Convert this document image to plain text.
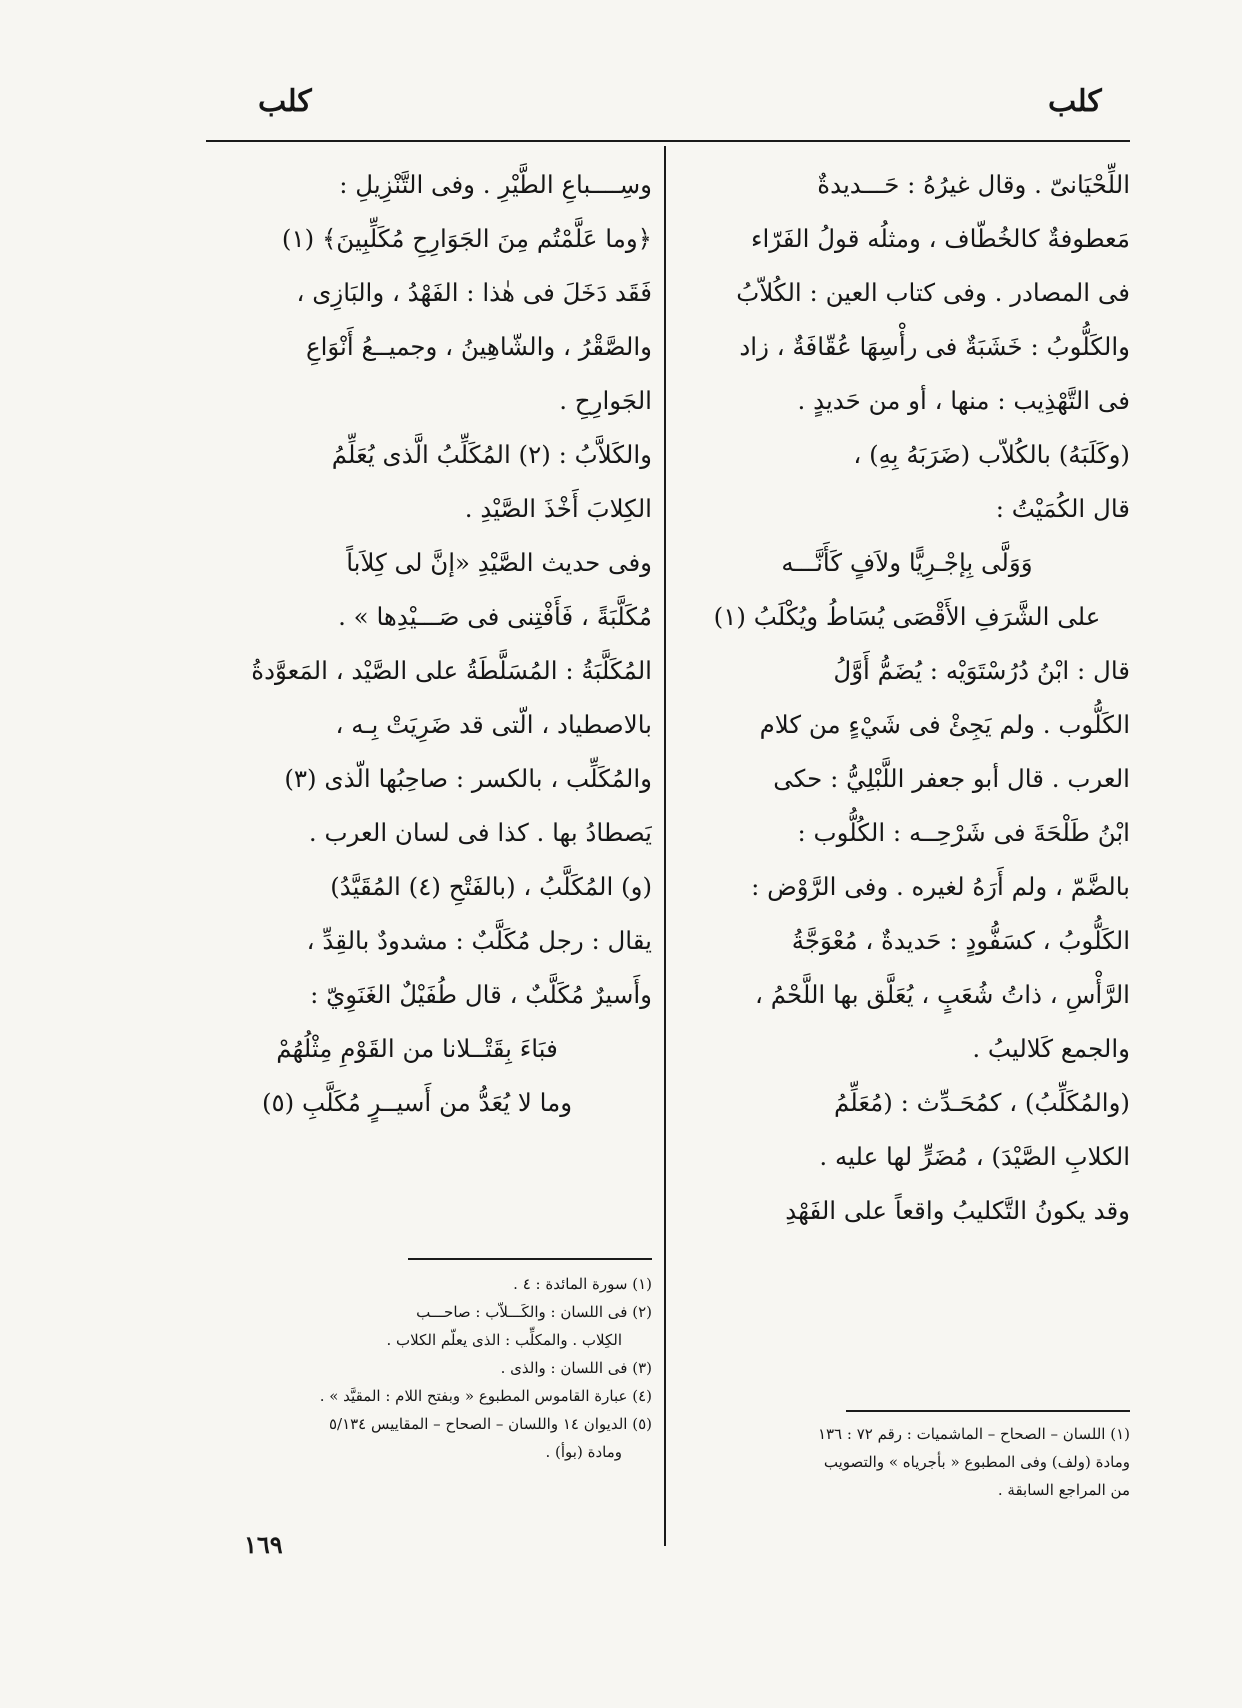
كلب
كلب
اللِّحْيَانىّ . وقال غيرُهُ : حَـــديدةٌ
مَعطوفةٌ كالخُطّاف ، ومثلُه قولُ الفَرّاء
فى المصادر . وفى كتاب العين : الكُلاّبُ
والكَلُّوبُ : خَشَبَةٌ فى رأْسِهَا عُقّافَةٌ ، زاد
فى التَّهْذِيب : منها ، أو من حَديدٍ .
(وكَلَبَهُ) بالكُلاّب (ضَرَبَهُ بِهِ) ،
قال الكُمَيْتُ :
وَوَلَّى بِإجْـرِيًّا ولاَفٍ كَأَنَّـــه
على الشَّرَفِ الأَقْصَى يُسَاطُ ويُكْلَبُ (١)
قال : ابْنُ دُرُسْتَوَيْه : يُضَمُّ أَوَّلُ
الكَلُّوب . ولم يَجِئْ فى شَيْءٍ من كلام
العرب . قال أبو جعفر اللَّبْلِيُّ : حكى
ابْنُ طَلْحَةَ فى شَرْحِــه : الكُلُّوب :
بالضَّمّ ، ولم أَرَهُ لغيره . وفى الرَّوْض :
الكَلُّوبُ ، كسَفُّودٍ : حَديدةٌ ، مُعْوَجَّةُ
الرَّأْسِ ، ذاتُ شُعَبٍ ، يُعَلَّق بها اللَّحْمُ ،
والجمع كَلاليبُ .
(والمُكَلِّبُ) ، كمُحَـدِّث : (مُعَلِّمُ
الكلابِ الصَّيْدَ) ، مُضَرٍّ لها عليه .
وقد يكونُ التَّكليبُ واقعاً على الفَهْدِ
(١) اللسان – الصحاح – الماشميات : رقم ٧٢ : ١٣٦
ومادة (ولف) وفى المطبوع « بأجرياه » والتصويب
من المراجع السابقة .
وسِــــباعِ الطَّيْرِ . وفى التَّنْزِيلِ :
﴿وما عَلَّمْتُم مِنَ الجَوَارِحِ مُكَلِّبِينَ﴾ (١)
فَقَد دَخَلَ فى هٰذا : الفَهْدُ ، والبَازِى ،
والصَّقْرُ ، والشّاهِينُ ، وجميــعُ أَنْوَاعِ
الجَوارِحِ .
والكَلاَّبُ : (٢) المُكَلِّبُ الَّذى يُعَلِّمُ
الكِلابَ أَخْذَ الصَّيْدِ .
وفى حديث الصَّيْدِ «إنَّ لى كِلاَباً
مُكَلَّبَةً ، فَأَفْتِنى فى صَـــيْدِها » .
المُكَلَّبَةُ : المُسَلَّطَةُ على الصَّيْد ، المَعوَّدةُ
بالاصطياد ، الّتى قد ضَرِيَتْ بِـه ،
والمُكَلِّب ، بالكسر : صاحِبُها الّذى (٣)
يَصطادُ بها . كذا فى لسان العرب .
(و) المُكَلَّبُ ، (بالفَتْحِ (٤) المُقَيَّدُ)
يقال : رجل مُكَلَّبٌ : مشدودٌ بالقِدِّ ،
وأَسيرٌ مُكَلَّبٌ ، قال طُفَيْلٌ الغَنَوِيّ :
فبَاءَ بِقَتْــلانا من القَوْمِ مِثْلُهُمْ
وما لا يُعَدُّ من أَسيــرٍ مُكَلَّبِ (٥)
(١) سورة المائدة : ٤ .
(٢) فى اللسان : والكَـــلاّب : صاحـــب
الكِلاب . والمكلِّب : الذى يعلّم الكلاب .
(٣) فى اللسان : والذى .
(٤) عبارة القاموس المطبوع « وبفتح اللام : المقيَّد » .
(٥) الديوان ١٤ واللسان – الصحاح – المقاييس ٥/١٣٤
ومادة (بوأ) .
١٦٩
